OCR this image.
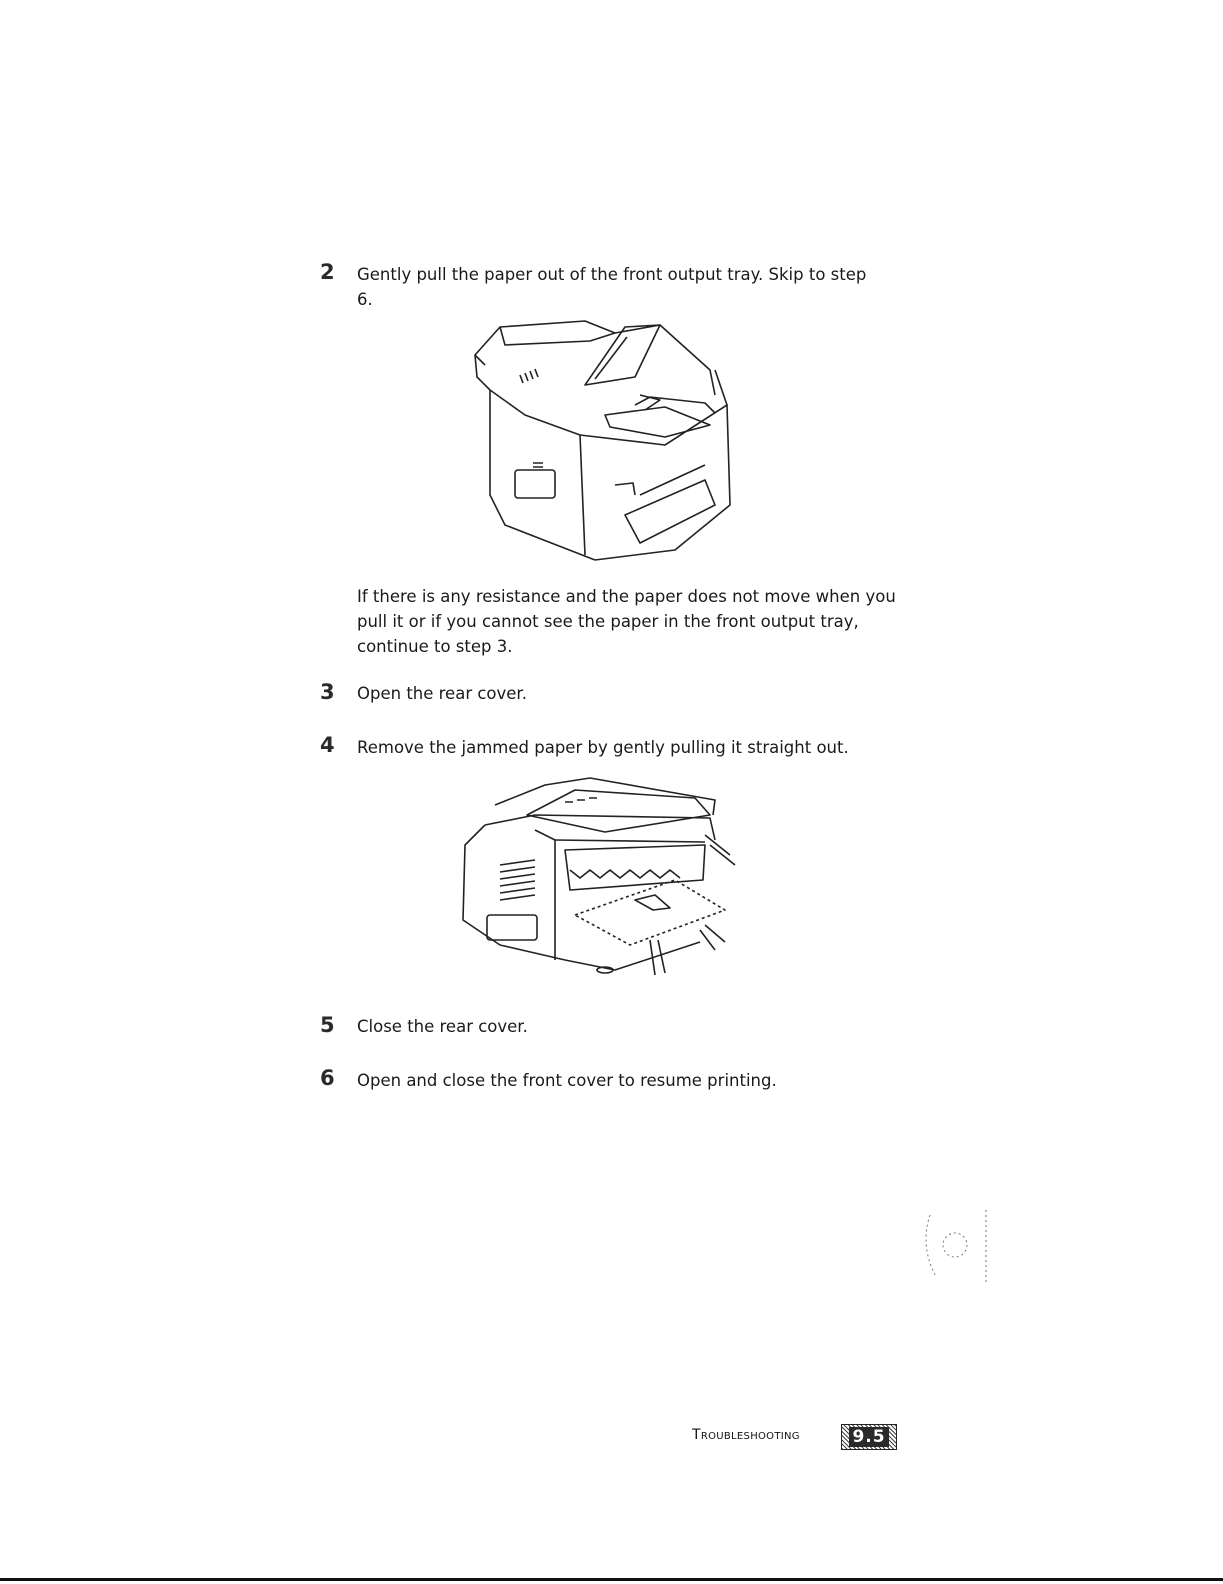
2	Gently pull the paper out of the front output tray. Skip to step 6.

If there is any resistance and the paper does not move when you pull it or if you cannot see the paper in the front output tray, continue to step 3.

3	Open the rear cover.

4	Remove the jammed paper by gently pulling it straight out.

5	Close the rear cover.

6	Open and close the front cover to resume printing.

Troubleshooting	9.5
